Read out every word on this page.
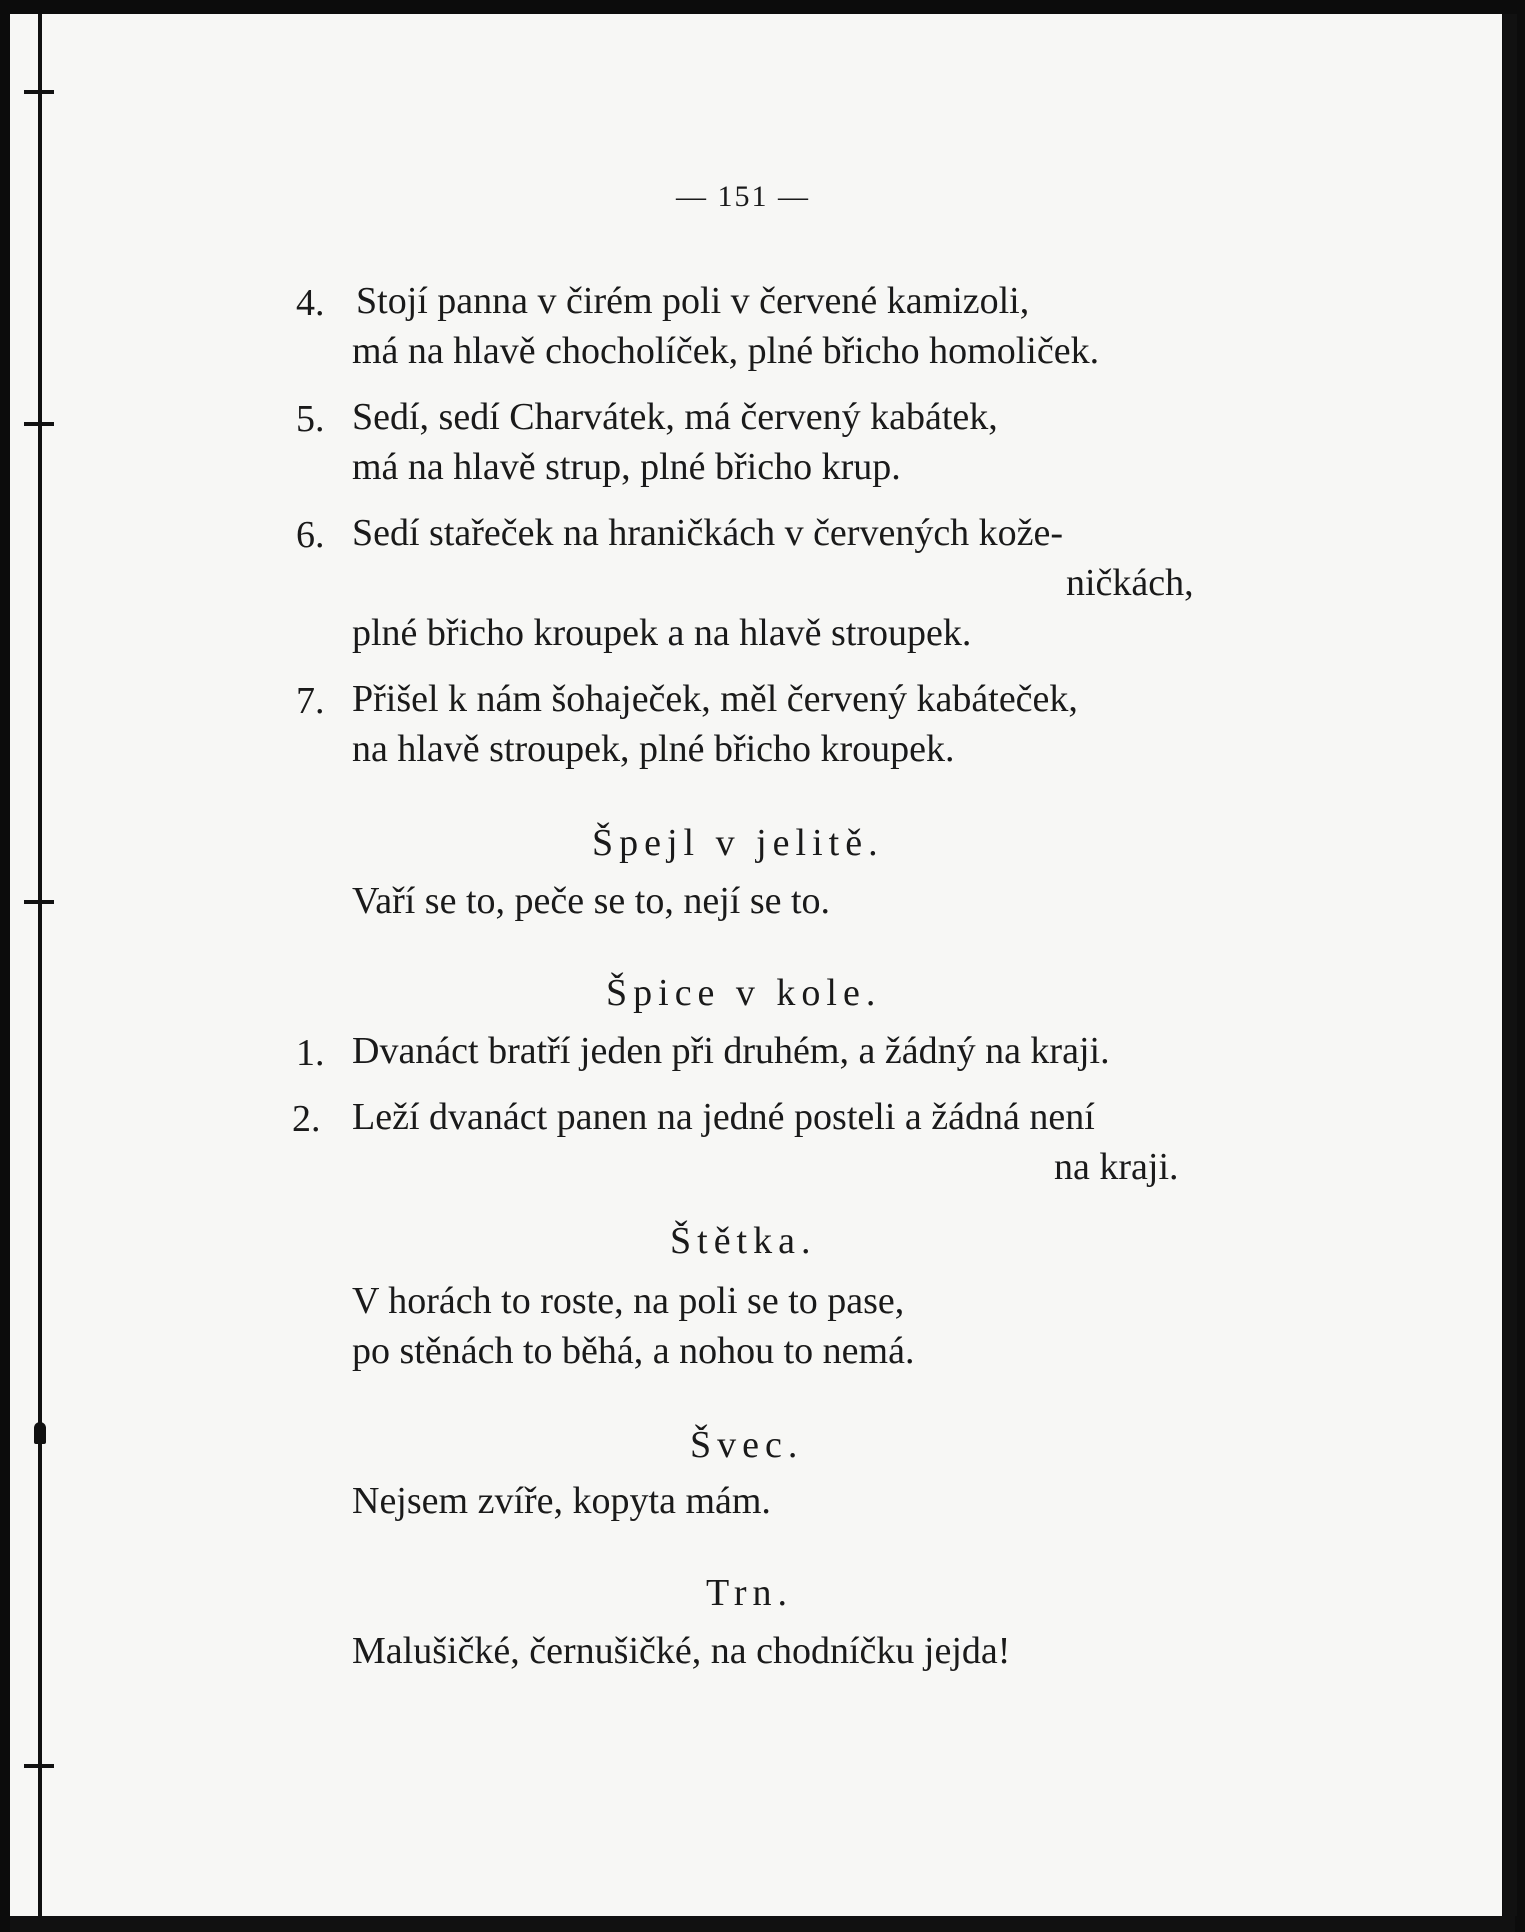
— 151 —
4. Stojí panna v čirém poli v červené kamizoli,
má na hlavě chocholíček, plné břicho homoliček.
5. Sedí, sedí Charvátek, má červený kabátek,
má na hlavě strup, plné břicho krup.
6. Sedí stařeček na hraničkách v červených kože-
ničkách,
plné břicho kroupek a na hlavě stroupek.
7. Přišel k nám šohaječek, měl červený kabáteček,
na hlavě stroupek, plné břicho kroupek.
Špejl v jelitě.
Vaří se to, peče se to, nejí se to.
Špice v kole.
1. Dvanáct bratří jeden při druhém, a žádný na kraji.
2. Leží dvanáct panen na jedné posteli a žádná není
na kraji.
Štětka.
V horách to roste, na poli se to pase,
po stěnách to běhá, a nohou to nemá.
Švec.
Nejsem zvíře, kopyta mám.
Trn.
Malušičké, černušičké, na chodníčku jejda!
